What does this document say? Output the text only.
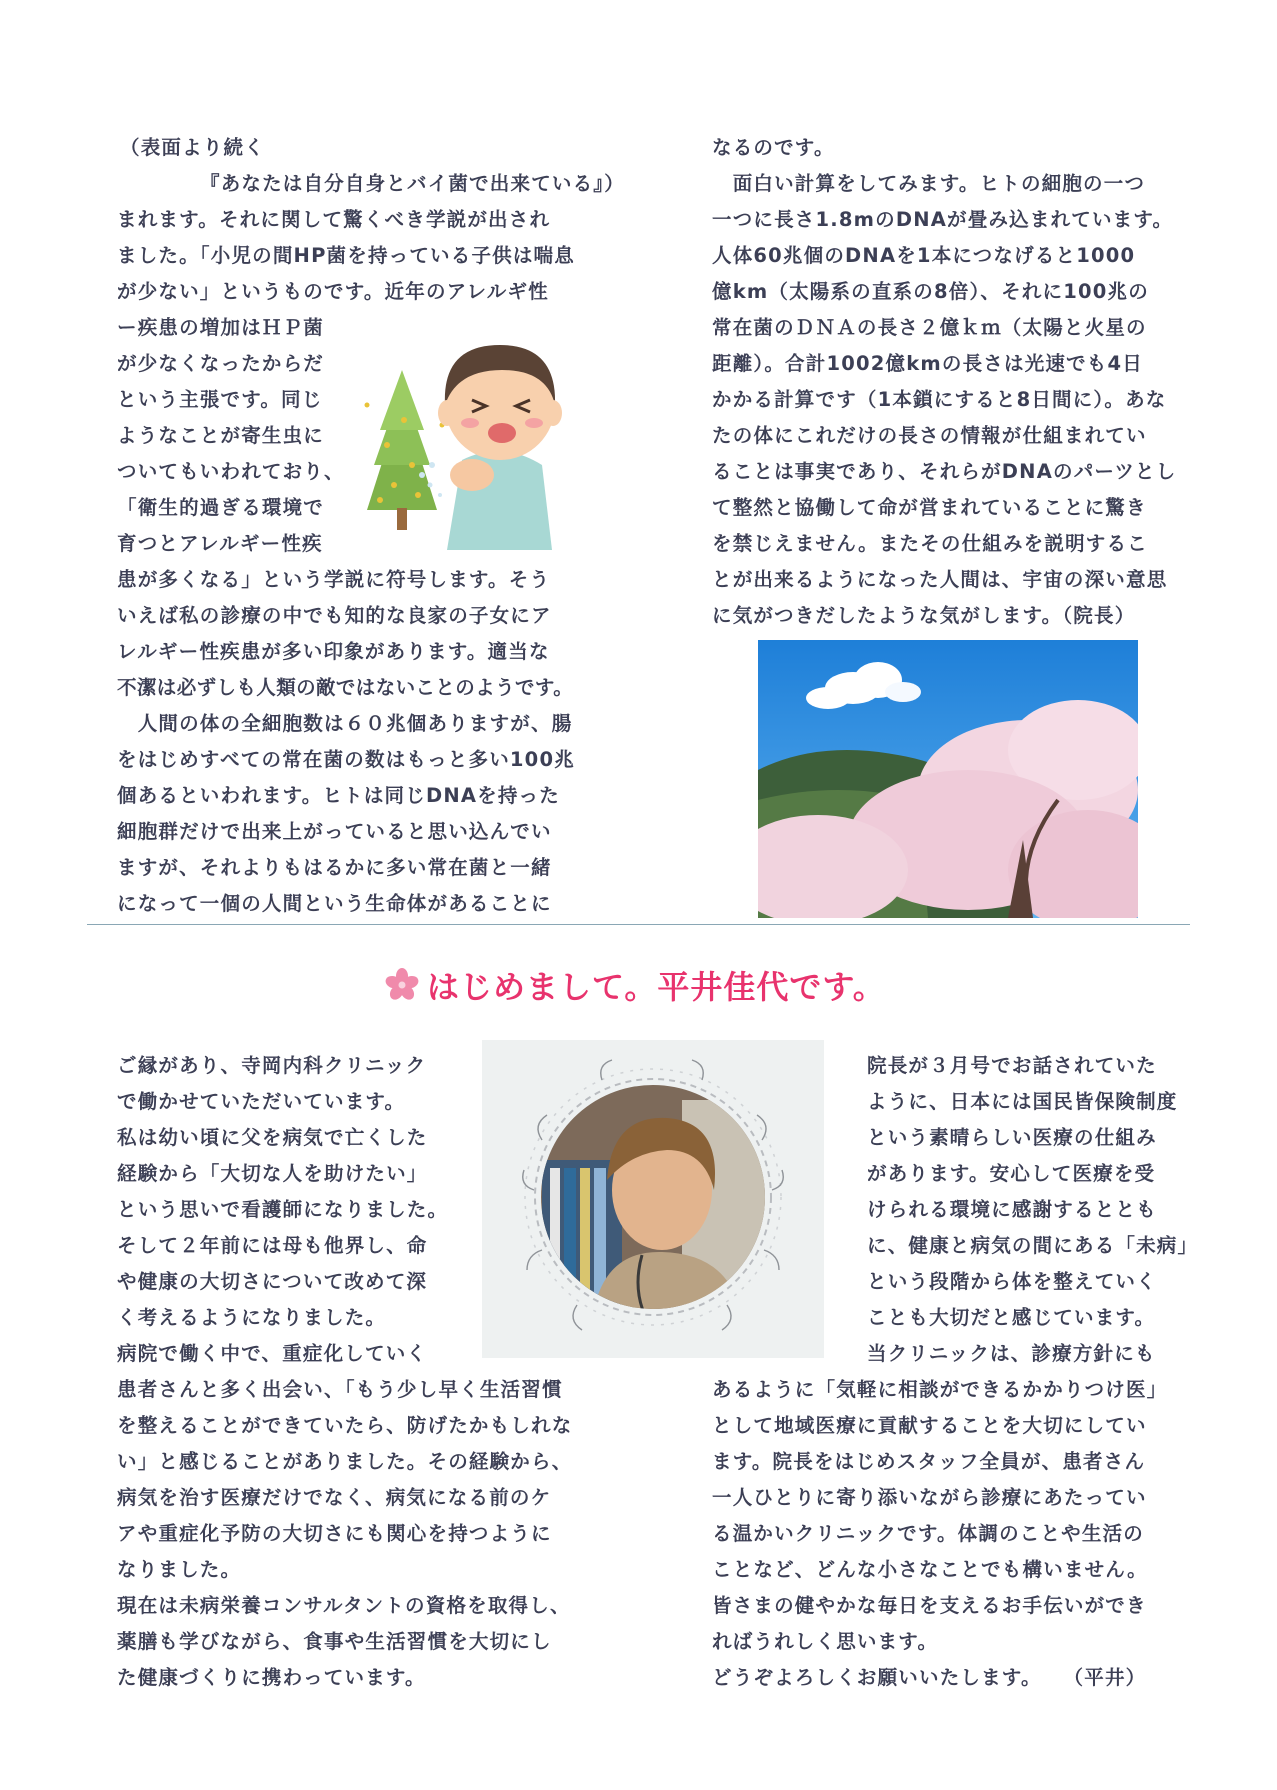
（表面より続く
『あなたは自分自身とバイ菌で出来ている』）
まれます。それに関して驚くべき学説が出され
ました。「小児の間HP菌を持っている子供は喘息
が少ない」というものです。近年のアレルギ性
ー疾患の増加はＨＰ菌
が少なくなったからだ
という主張です。同じ
ようなことが寄生虫に
ついてもいわれており、
「衛生的過ぎる環境で
育つとアレルギー性疾
患が多くなる」という学説に符号します。そう
いえば私の診療の中でも知的な良家の子女にア
レルギー性疾患が多い印象があります。適当な
不潔は必ずしも人類の敵ではないことのようです。
　人間の体の全細胞数は６０兆個ありますが、腸
をはじめすべての常在菌の数はもっと多い100兆
個あるといわれます。ヒトは同じDNAを持った
細胞群だけで出来上がっていると思い込んでい
ますが、それよりもはるかに多い常在菌と一緒
になって一個の人間という生命体があることに
なるのです。
　面白い計算をしてみます。ヒトの細胞の一つ
一つに長さ1.8mのDNAが畳み込まれています。
人体60兆個のDNAを1本につなげると1000
億km（太陽系の直系の8倍）、それに100兆の
常在菌のＤＮＡの長さ２億ｋｍ（太陽と火星の
距離）。合計1002億kmの長さは光速でも4日
かかる計算です（1本鎖にすると8日間に）。あな
たの体にこれだけの長さの情報が仕組まれてい
ることは事実であり、それらがDNAのパーツとし
て整然と協働して命が営まれていることに驚き
を禁じえません。またその仕組みを説明するこ
とが出来るようになった人間は、宇宙の深い意思
に気がつきだしたような気がします。（院長）
はじめまして。平井佳代です。
ご縁があり、寺岡内科クリニック
で働かせていただいています。
私は幼い頃に父を病気で亡くした
経験から「大切な人を助けたい」
という思いで看護師になりました。
そして２年前には母も他界し、命
や健康の大切さについて改めて深
く考えるようになりました。
病院で働く中で、重症化していく
患者さんと多く出会い、「もう少し早く生活習慣
を整えることができていたら、防げたかもしれな
い」と感じることがありました。その経験から、
病気を治す医療だけでなく、病気になる前のケ
アや重症化予防の大切さにも関心を持つように
なりました。
現在は未病栄養コンサルタントの資格を取得し、
薬膳も学びながら、食事や生活習慣を大切にし
た健康づくりに携わっています。
院長が３月号でお話されていた
ように、日本には国民皆保険制度
という素晴らしい医療の仕組み
があります。安心して医療を受
けられる環境に感謝するととも
に、健康と病気の間にある「未病」
という段階から体を整えていく
ことも大切だと感じています。
当クリニックは、診療方針にも
あるように「気軽に相談ができるかかりつけ医」
として地域医療に貢献することを大切にしてい
ます。院長をはじめスタッフ全員が、患者さん
一人ひとりに寄り添いながら診療にあたってい
る温かいクリニックです。体調のことや生活の
ことなど、どんな小さなことでも構いません。
皆さまの健やかな毎日を支えるお手伝いができ
ればうれしく思います。
どうぞよろしくお願いいたします。　　（平井）
